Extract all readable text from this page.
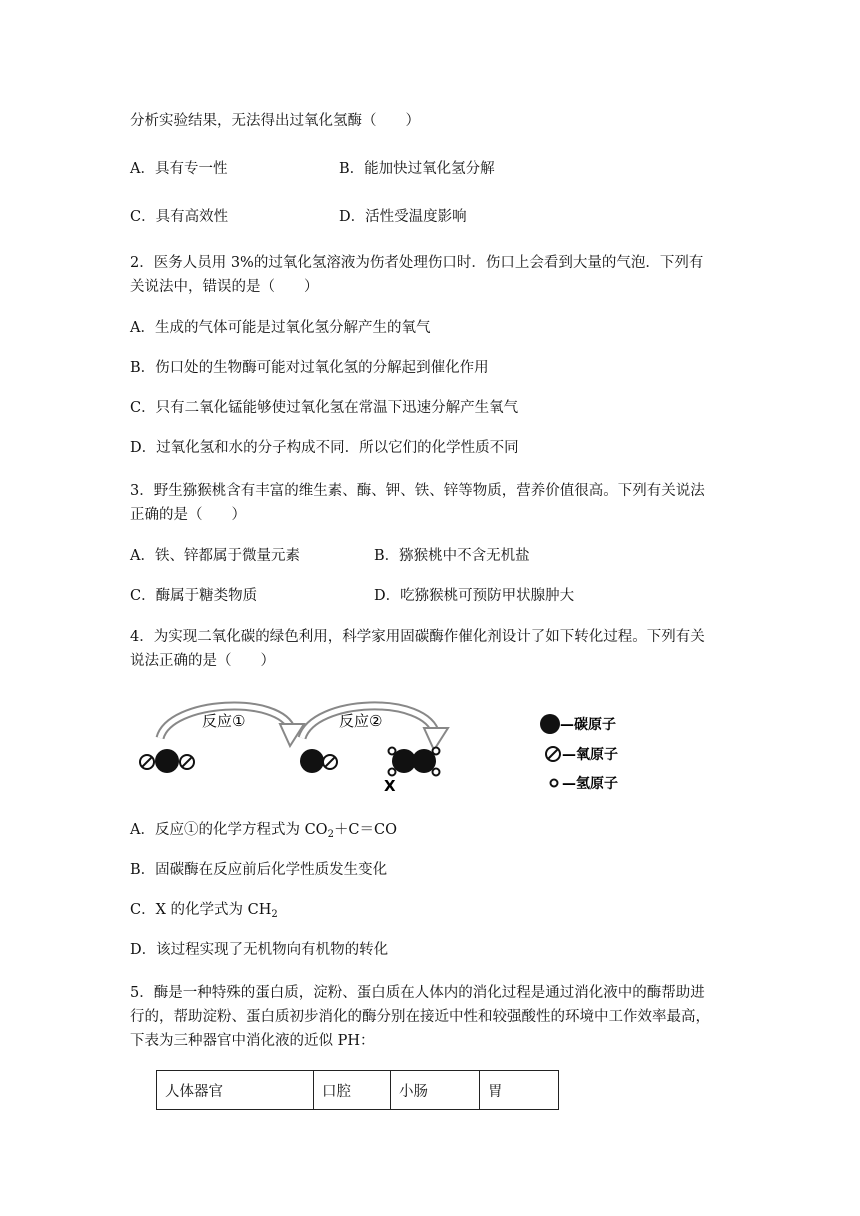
分析实验结果，无法得出过氧化氢酶（　　）
A．具有专一性	B．能加快过氧化氢分解
C．具有高效性	D．活性受温度影响
2．医务人员用 3%的过氧化氢溶液为伤者处理伤口时．伤口上会看到大量的气泡．下列有
关说法中，错误的是（　　）
A．生成的气体可能是过氧化氢分解产生的氧气
B．伤口处的生物酶可能对过氧化氢的分解起到催化作用
C．只有二氧化锰能够使过氧化氢在常温下迅速分解产生氧气
D．过氧化氢和水的分子构成不同．所以它们的化学性质不同
3．野生猕猴桃含有丰富的维生素、酶、钾、铁、锌等物质，营养价值很高。下列有关说法
正确的是（　　）
A．铁、锌都属于微量元素	B．猕猴桃中不含无机盐
C．酶属于糖类物质	D．吃猕猴桃可预防甲状腺肿大
4．为实现二氧化碳的绿色利用，科学家用固碳酶作催化剂设计了如下转化过程。下列有关
说法正确的是（　　）
反应①	反应②
X
—碳原子
—氧原子
—氢原子
A．反应①的化学方程式为 $CO_2+C=CO$
B．固碳酶在反应前后化学性质发生变化
C．X 的化学式为 $CH_2$
D．该过程实现了无机物向有机物的转化
5．酶是一种特殊的蛋白质，淀粉、蛋白质在人体内的消化过程是通过消化液中的酶帮助进
行的，帮助淀粉、蛋白质初步消化的酶分别在接近中性和较强酸性的环境中工作效率最高，
下表为三种器官中消化液的近似 PH：
人体器官	口腔	小肠	胃
